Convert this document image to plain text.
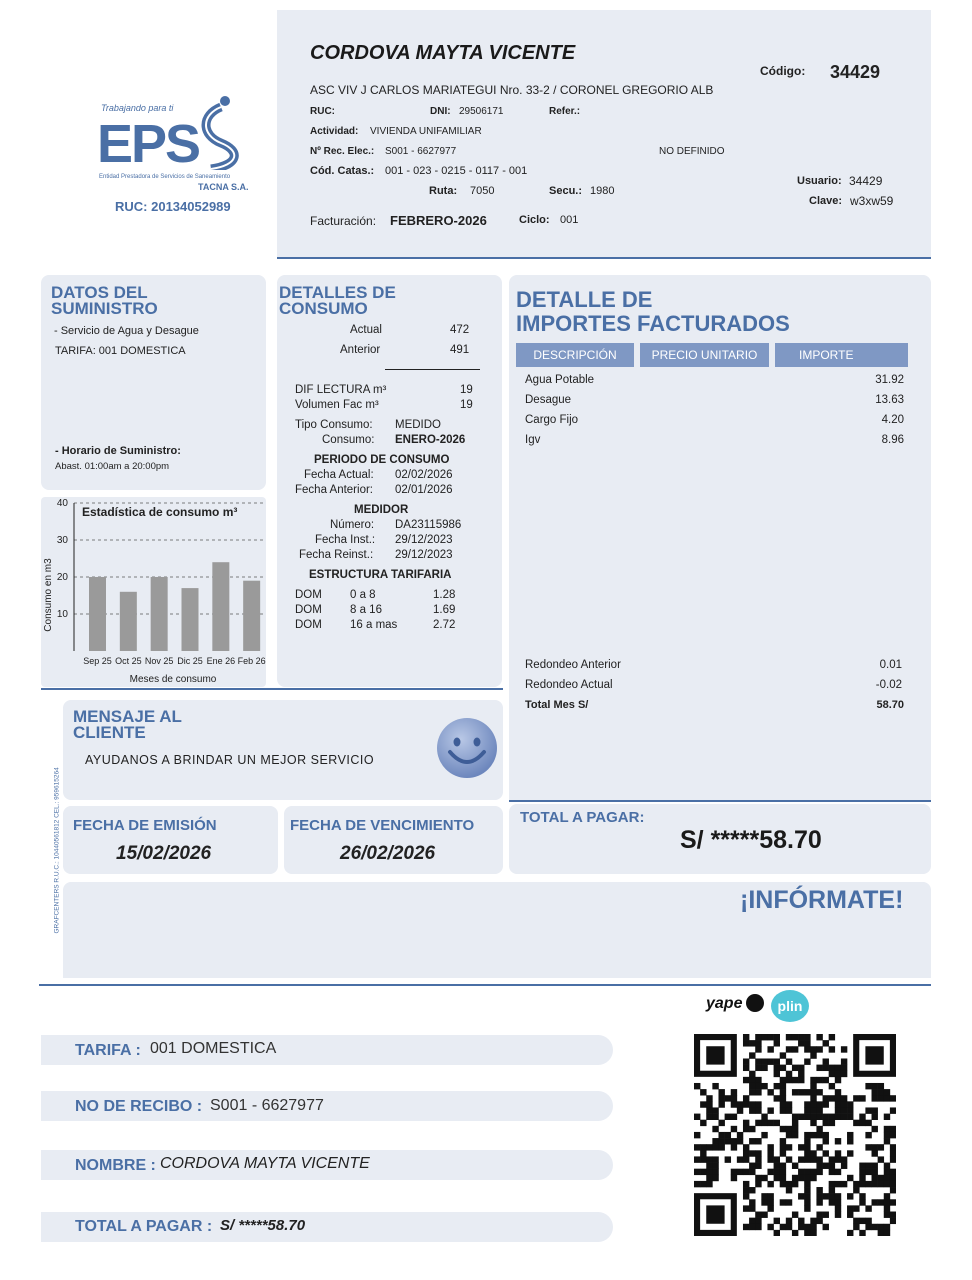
Trabajando para ti
EPS
Entidad Prestadora de Servicios de Saneamiento
TACNA S.A.
RUC: 20134052989
CORDOVA MAYTA VICENTE
Código: 34429
ASC VIV J CARLOS MARIATEGUI Nro. 33-2 / CORONEL GREGORIO ALB
RUC:	DNI: 29506171	Refer.:
Actividad: VIVIENDA UNIFAMILIAR
Nº Rec. Elec.: S001 - 6627977	NO DEFINIDO
Cód. Catas.: 001 - 023 - 0215 - 0117 - 001
Ruta: 7050	Secu.: 1980
Usuario: 34429
Clave: w3xw59
Facturación: FEBRERO-2026	Ciclo: 001
DATOS DEL
SUMINISTRO
- Servicio de Agua y Desague
TARIFA: 001 DOMESTICA
- Horario de Suministro:
Abast. 01:00am a 20:00pm
Consumo en m3
Estadística de consumo m³
Meses de consumo
Sep 25 Oct 25 Nov 25 Dic 25 Ene 26 Feb 26
10
20
30
40
DETALLES DE
CONSUMO
Actual	472
Anterior	491
DIF LECTURA m³	19
Volumen Fac m³	19
Tipo Consumo: MEDIDO
Consumo: ENERO-2026
PERIODO DE CONSUMO
Fecha Actual: 02/02/2026
Fecha Anterior: 02/01/2026
MEDIDOR
Número: DA23115986
Fecha Inst.: 29/12/2023
Fecha Reinst.: 29/12/2023
ESTRUCTURA TARIFARIA
DOM 0 a 8	1.28
DOM 8 a 16	1.69
DOM 16 a mas	2.72
DETALLE DE
IMPORTES FACTURADOS
DESCRIPCIÓN	PRECIO UNITARIO	IMPORTE
Agua Potable	31.92
Desague	13.63
Cargo Fijo	4.20
Igv	8.96
Redondeo Anterior	0.01
Redondeo Actual	-0.02
Total Mes S/	58.70
MENSAJE AL
CLIENTE
AYUDANOS A BRINDAR UN MEJOR SERVICIO
GRAFCENTERS R.U.C.: 10440561812 CEL.: 959615264 FECHA DE EMISIÓN
15/02/2026
FECHA DE VENCIMIENTO
26/02/2026
TOTAL A PAGAR:
S/ *****58.70
¡INFÓRMATE!
yape	plin
TARIFA : 001 DOMESTICA
NO DE RECIBO : S001 - 6627977
NOMBRE : CORDOVA MAYTA VICENTE
TOTAL A PAGAR : S/ *****58.70
